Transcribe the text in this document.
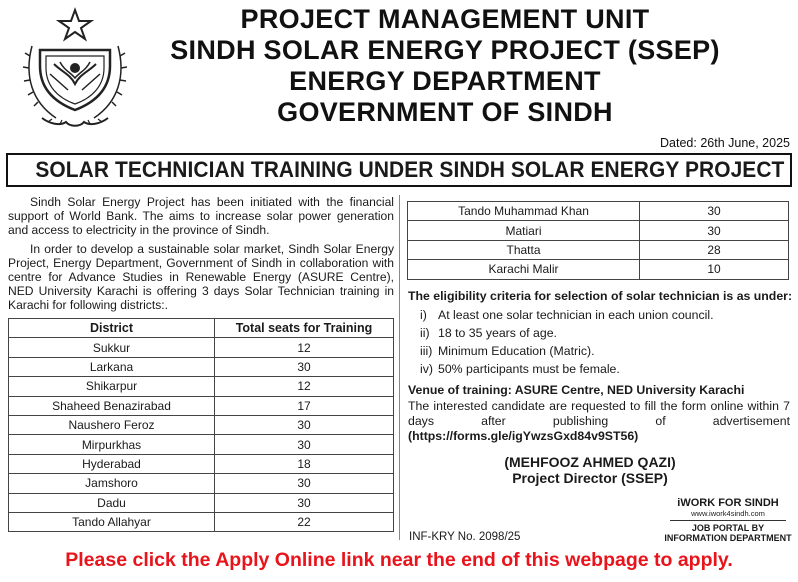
PROJECT MANAGEMENT UNIT
SINDH SOLAR ENERGY PROJECT (SSEP)
ENERGY DEPARTMENT
GOVERNMENT OF SINDH
Dated: 26th June, 2025
SOLAR TECHNICIAN TRAINING UNDER SINDH SOLAR ENERGY PROJECT

Sindh Solar Energy Project has been initiated with the financial support of World Bank. The aims to increase solar power generation and access to electricity in the province of Sindh.

In order to develop a sustainable solar market, Sindh Solar Energy Project, Energy Department, Government of Sindh in collaboration with centre for Advance Studies in Renewable Energy (ASURE Centre), NED University Karachi is offering 3 days Solar Technician training in Karachi for following districts:.

District	Total seats for Training
Sukkur	12
Larkana	30
Shikarpur	12
Shaheed Benazirabad	17
Naushero Feroz	30
Mirpurkhas	30
Hyderabad	18
Jamshoro	30
Dadu	30
Tando Allahyar	22
Tando Muhammad Khan	30
Matiari	30
Thatta	28
Karachi Malir	10
The eligibility criteria for selection of solar technician is as under:
i) At least one solar technician in each union council.
ii) 18 to 35 years of age.
iii) Minimum Education (Matric).
iv) 50% participants must be female.
Venue of training: ASURE Centre, NED University Karachi
The interested candidate are requested to fill the form online within 7 days after publishing of advertisement (https://forms.gle/igYwzsGxd84v9ST56)
(MEHFOOZ AHMED QAZI)
Project Director (SSEP)
INF-KRY No. 2098/25
iWORK FOR SINDH
www.iwork4sindh.com
JOB PORTAL BY
INFORMATION DEPARTMENT
Please click the Apply Online link near the end of this webpage to apply.
